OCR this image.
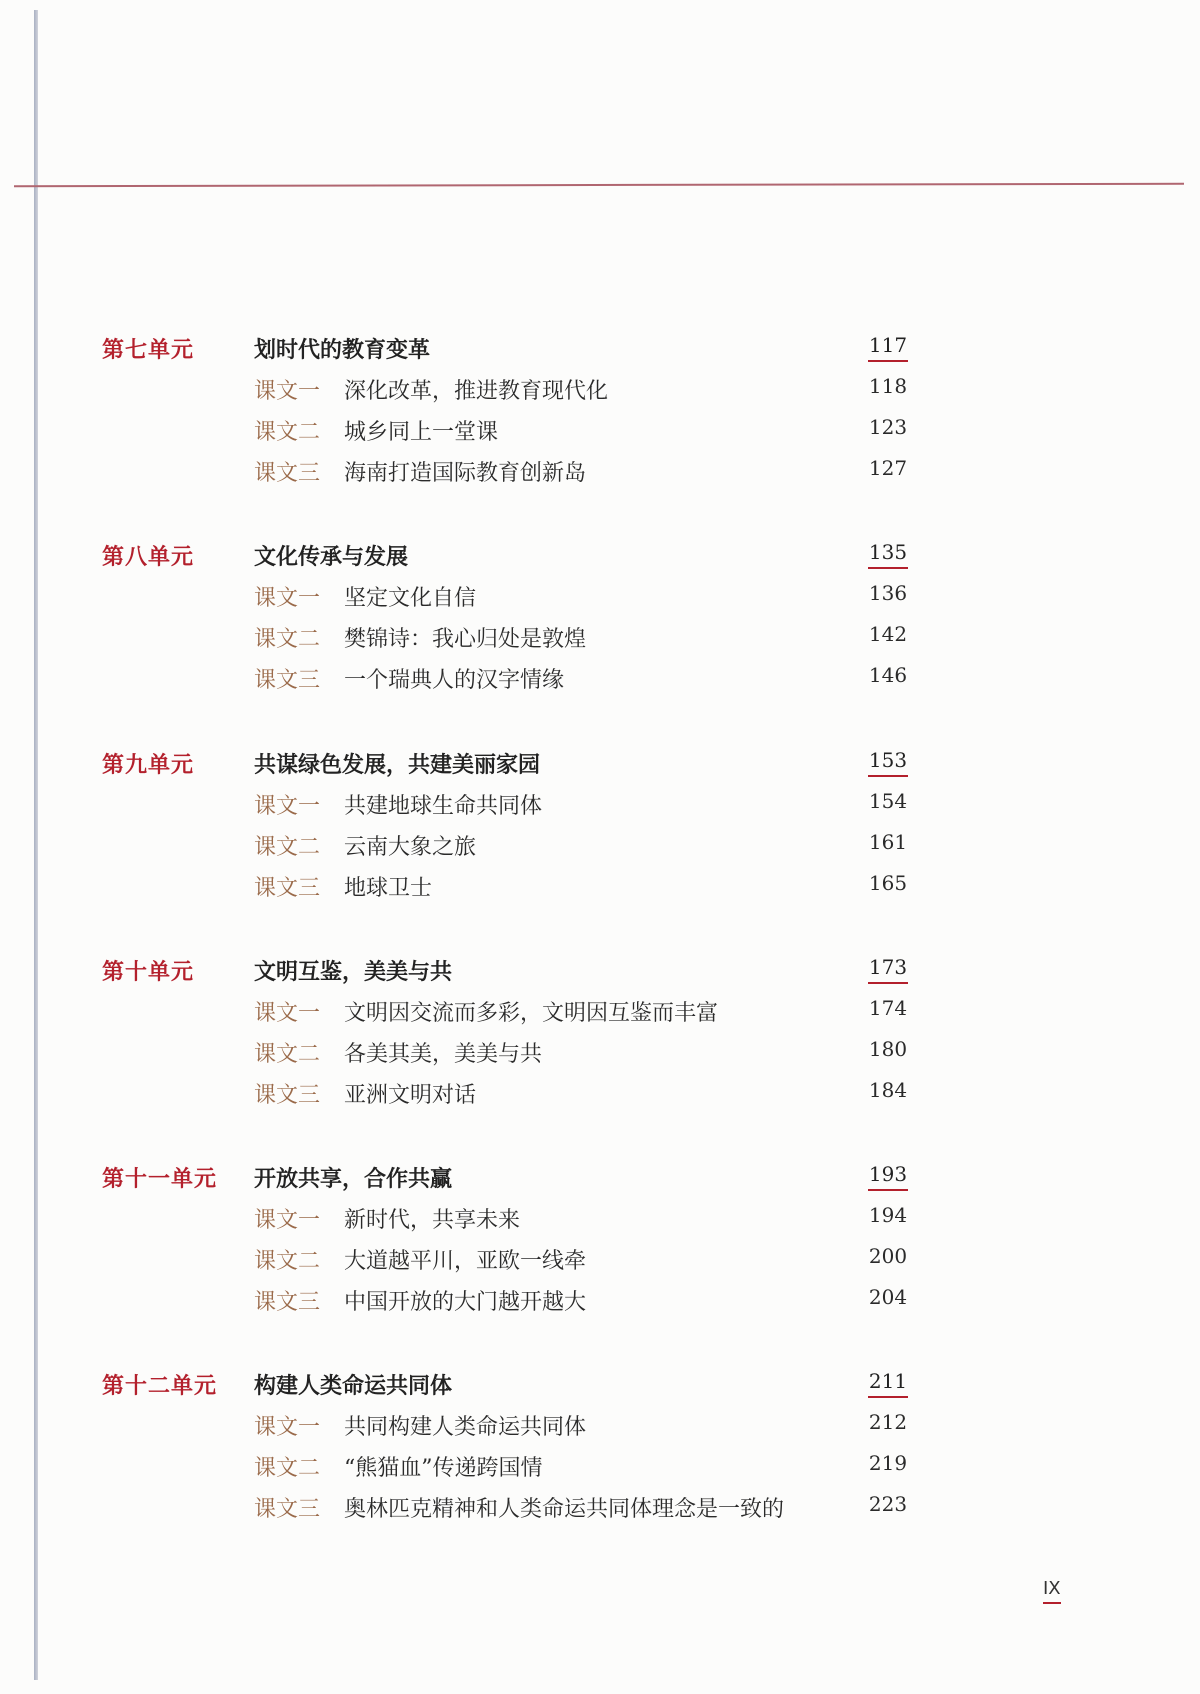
第七单元	划时代的教育变革	117
课文一 深化改革，推进教育现代化	118
课文二 城乡同上一堂课	123
课文三 海南打造国际教育创新岛	127
第八单元	文化传承与发展	135
课文一 坚定文化自信	136
课文二 樊锦诗：我心归处是敦煌	142
课文三 一个瑞典人的汉字情缘	146
第九单元	共谋绿色发展，共建美丽家园	153
课文一 共建地球生命共同体	154
课文二 云南大象之旅	161
课文三 地球卫士	165
第十单元	文明互鉴，美美与共	173
课文一 文明因交流而多彩，文明因互鉴而丰富	174
课文二 各美其美，美美与共	180
课文三 亚洲文明对话	184
第十一单元 开放共享，合作共赢	193
课文一 新时代，共享未来	194
课文二 大道越平川，亚欧一线牵	200
课文三 中国开放的大门越开越大	204
第十二单元 构建人类命运共同体	211
课文一 共同构建人类命运共同体	212
课文二 “熊猫血”传递跨国情	219
课文三 奥林匹克精神和人类命运共同体理念是一致的	223
IX
